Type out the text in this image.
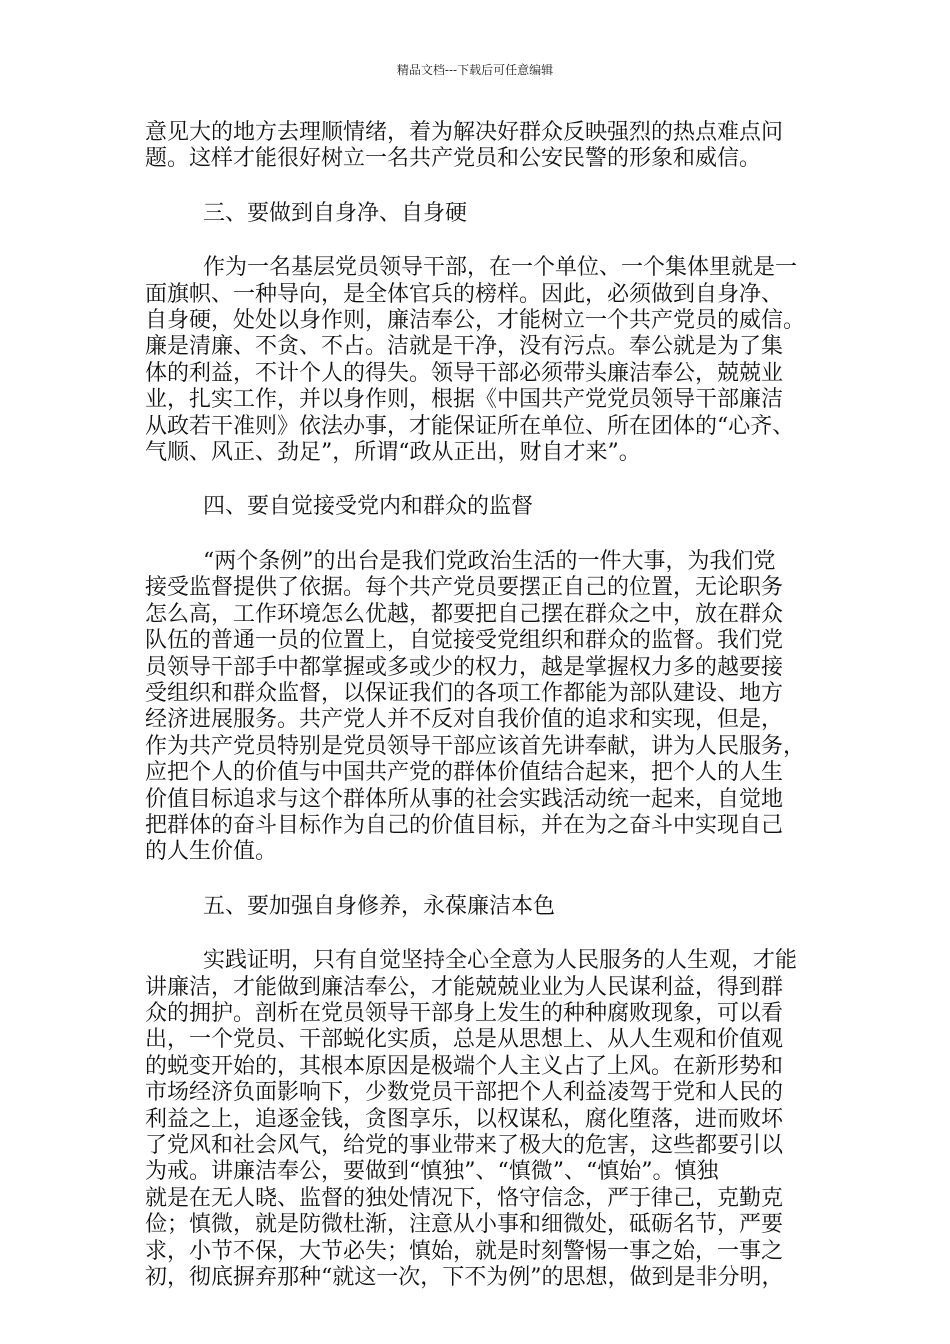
精品文档---下载后可任意编辑
意见大的地方去理顺情绪，着为解决好群众反映强烈的热点难点问
题。这样才能很好树立一名共产党员和公安民警的形象和威信。
三、要做到自身净、自身硬
作为一名基层党员领导干部，在一个单位、一个集体里就是一
面旗帜、一种导向，是全体官兵的榜样。因此，必须做到自身净、
自身硬，处处以身作则，廉洁奉公，才能树立一个共产党员的威信。
廉是清廉、不贪、不占。洁就是干净，没有污点。奉公就是为了集
体的利益，不计个人的得失。领导干部必须带头廉洁奉公，兢兢业
业，扎实工作，并以身作则，根据《中国共产党党员领导干部廉洁
从政若干准则》依法办事，才能保证所在单位、所在团体的“心齐、
气顺、风正、劲足”，所谓“政从正出，财自才来”。
四、要自觉接受党内和群众的监督
“两个条例”的出台是我们党政治生活的一件大事，为我们党
接受监督提供了依据。每个共产党员要摆正自己的位置，无论职务
怎么高，工作环境怎么优越，都要把自己摆在群众之中，放在群众
队伍的普通一员的位置上，自觉接受党组织和群众的监督。我们党
员领导干部手中都掌握或多或少的权力，越是掌握权力多的越要接
受组织和群众监督，以保证我们的各项工作都能为部队建设、地方
经济进展服务。共产党人并不反对自我价值的追求和实现，但是，
作为共产党员特别是党员领导干部应该首先讲奉献，讲为人民服务，
应把个人的价值与中国共产党的群体价值结合起来，把个人的人生
价值目标追求与这个群体所从事的社会实践活动统一起来，自觉地
把群体的奋斗目标作为自己的价值目标，并在为之奋斗中实现自己
的人生价值。
五、要加强自身修养，永葆廉洁本色
实践证明，只有自觉坚持全心全意为人民服务的人生观，才能
讲廉洁，才能做到廉洁奉公，才能兢兢业业为人民谋利益，得到群
众的拥护。剖析在党员领导干部身上发生的种种腐败现象，可以看
出，一个党员、干部蜕化实质，总是从思想上、从人生观和价值观
的蜕变开始的，其根本原因是极端个人主义占了上风。在新形势和
市场经济负面影响下，少数党员干部把个人利益凌驾于党和人民的
利益之上，追逐金钱，贪图享乐，以权谋私，腐化堕落，进而败坏
了党风和社会风气，给党的事业带来了极大的危害，这些都要引以
为戒。讲廉洁奉公，要做到“慎独”、“慎微”、“慎始”。慎独
就是在无人晓、监督的独处情况下，恪守信念，严于律己，克勤克
俭；慎微，就是防微杜渐，注意从小事和细微处，砥砺名节，严要
求，小节不保，大节必失；慎始，就是时刻警惕一事之始，一事之
初，彻底摒弃那种“就这一次，下不为例”的思想，做到是非分明，
